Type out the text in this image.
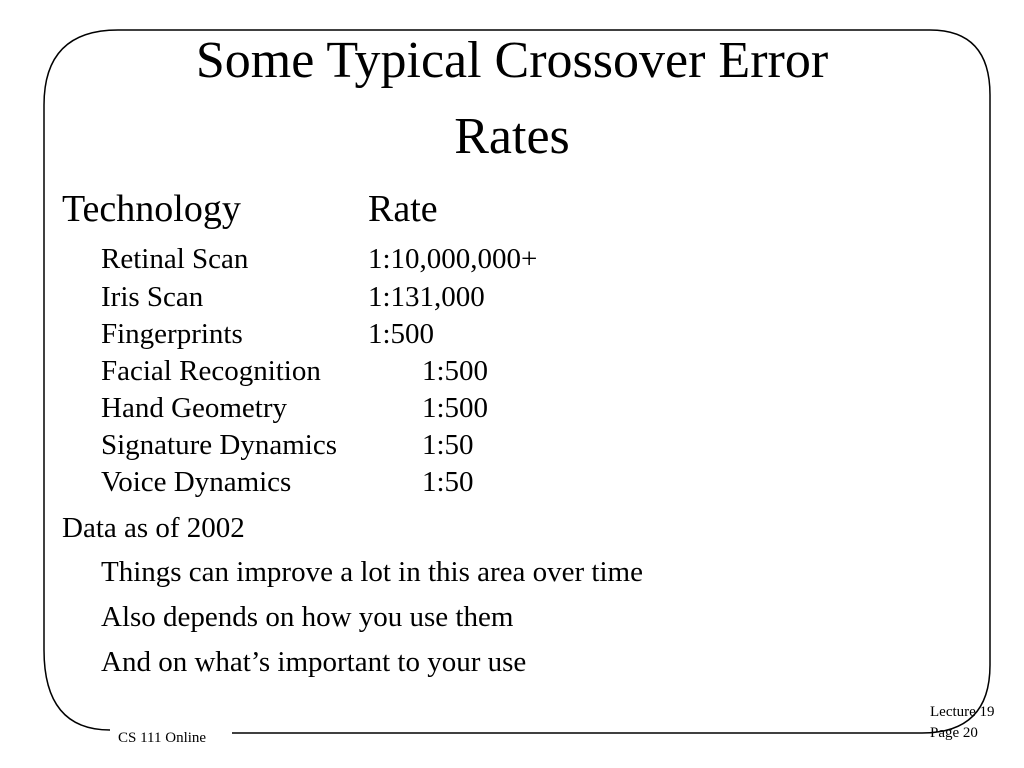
Some Typical Crossover Error
Rates
Technology	Rate
Retinal Scan	1:10,000,000+
Iris Scan	1:131,000
Fingerprints	1:500
Facial Recognition	1:500
Hand Geometry	1:500
Signature Dynamics	1:50
Voice Dynamics	1:50
Data as of 2002
Things can improve a lot in this area over time
Also depends on how you use them
And on what’s important to your use
CS 111 Online
Lecture 19
Page 20
